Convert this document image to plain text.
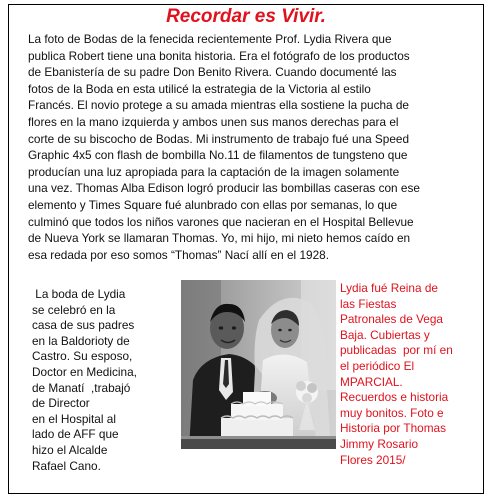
Recordar es Vivir.

La foto de Bodas de la fenecida recientemente Prof. Lydia Rivera que
publica Robert tiene una bonita historia. Era el fotógrafo de los productos
de Ebanistería de su padre Don Benito Rivera. Cuando documenté las
fotos de la Boda en esta utilicé la estrategia de la Victoria al estilo
Francés. El novio protege a su amada mientras ella sostiene la pucha de
flores en la mano izquierda y ambos unen sus manos derechas para el
corte de su biscocho de Bodas. Mi instrumento de trabajo fué una Speed
Graphic 4x5 con flash de bombilla No.11 de filamentos de tungsteno que
producían una luz apropiada para la captación de la imagen solamente
una vez. Thomas Alba Edison logró producir las bombillas caseras con ese
elemento y Times Square fué alunbrado con ellas por semanas, lo que
culminó que todos los niños varones que nacieran en el Hospital Bellevue
de Nueva York se llamaran Thomas. Yo, mi hijo, mi nieto hemos caído en
esa redada por eso somos “Thomas” Nací allí en el 1928.

La boda de Lydia
se celebró en la
casa de sus padres
en la Baldorioty de
Castro. Su esposo,
Doctor en Medicina,
de Manatí  ,trabajó
de Director
en el Hospital al
lado de AFF que
hizo el Alcalde
Rafael Cano.

Lydia fué Reina de
las Fiestas
Patronales de Vega
Baja. Cubiertas y
publicadas  por mí en
el periódico El
MPARCIAL.
Recuerdos e historia
muy bonitos. Foto e
Historia por Thomas
Jimmy Rosario
Flores 2015/
